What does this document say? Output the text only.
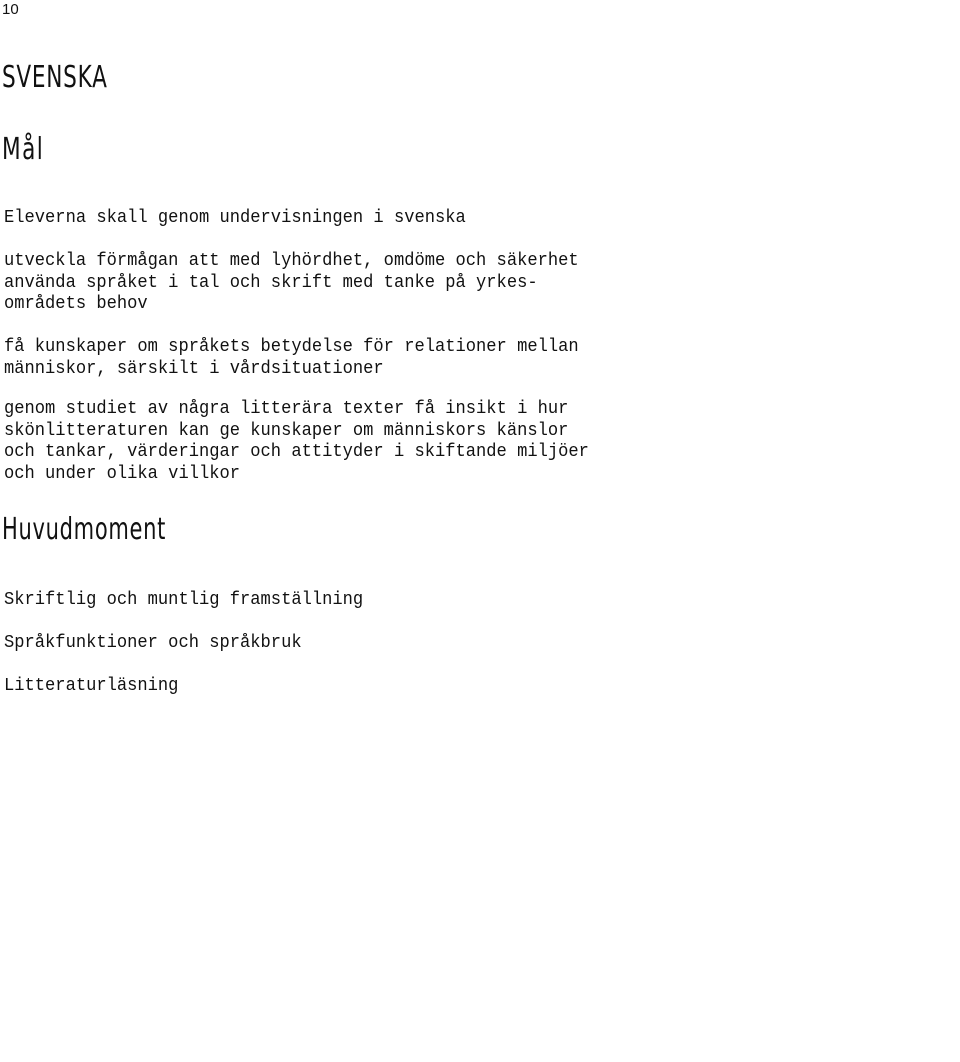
10
SVENSKA
Mål

Eleverna skall genom undervisningen i svenska

utveckla förmågan att med lyhördhet, omdöme och säkerhet
använda språket i tal och skrift med tanke på yrkes-
områdets behov

få kunskaper om språkets betydelse för relationer mellan
människor, särskilt i vårdsituationer

genom studiet av några litterära texter få insikt i hur
skönlitteraturen kan ge kunskaper om människors känslor
och tankar, värderingar och attityder i skiftande miljöer
och under olika villkor

Huvudmoment

Skriftlig och muntlig framställning

Språkfunktioner och språkbruk

Litteraturläsning
